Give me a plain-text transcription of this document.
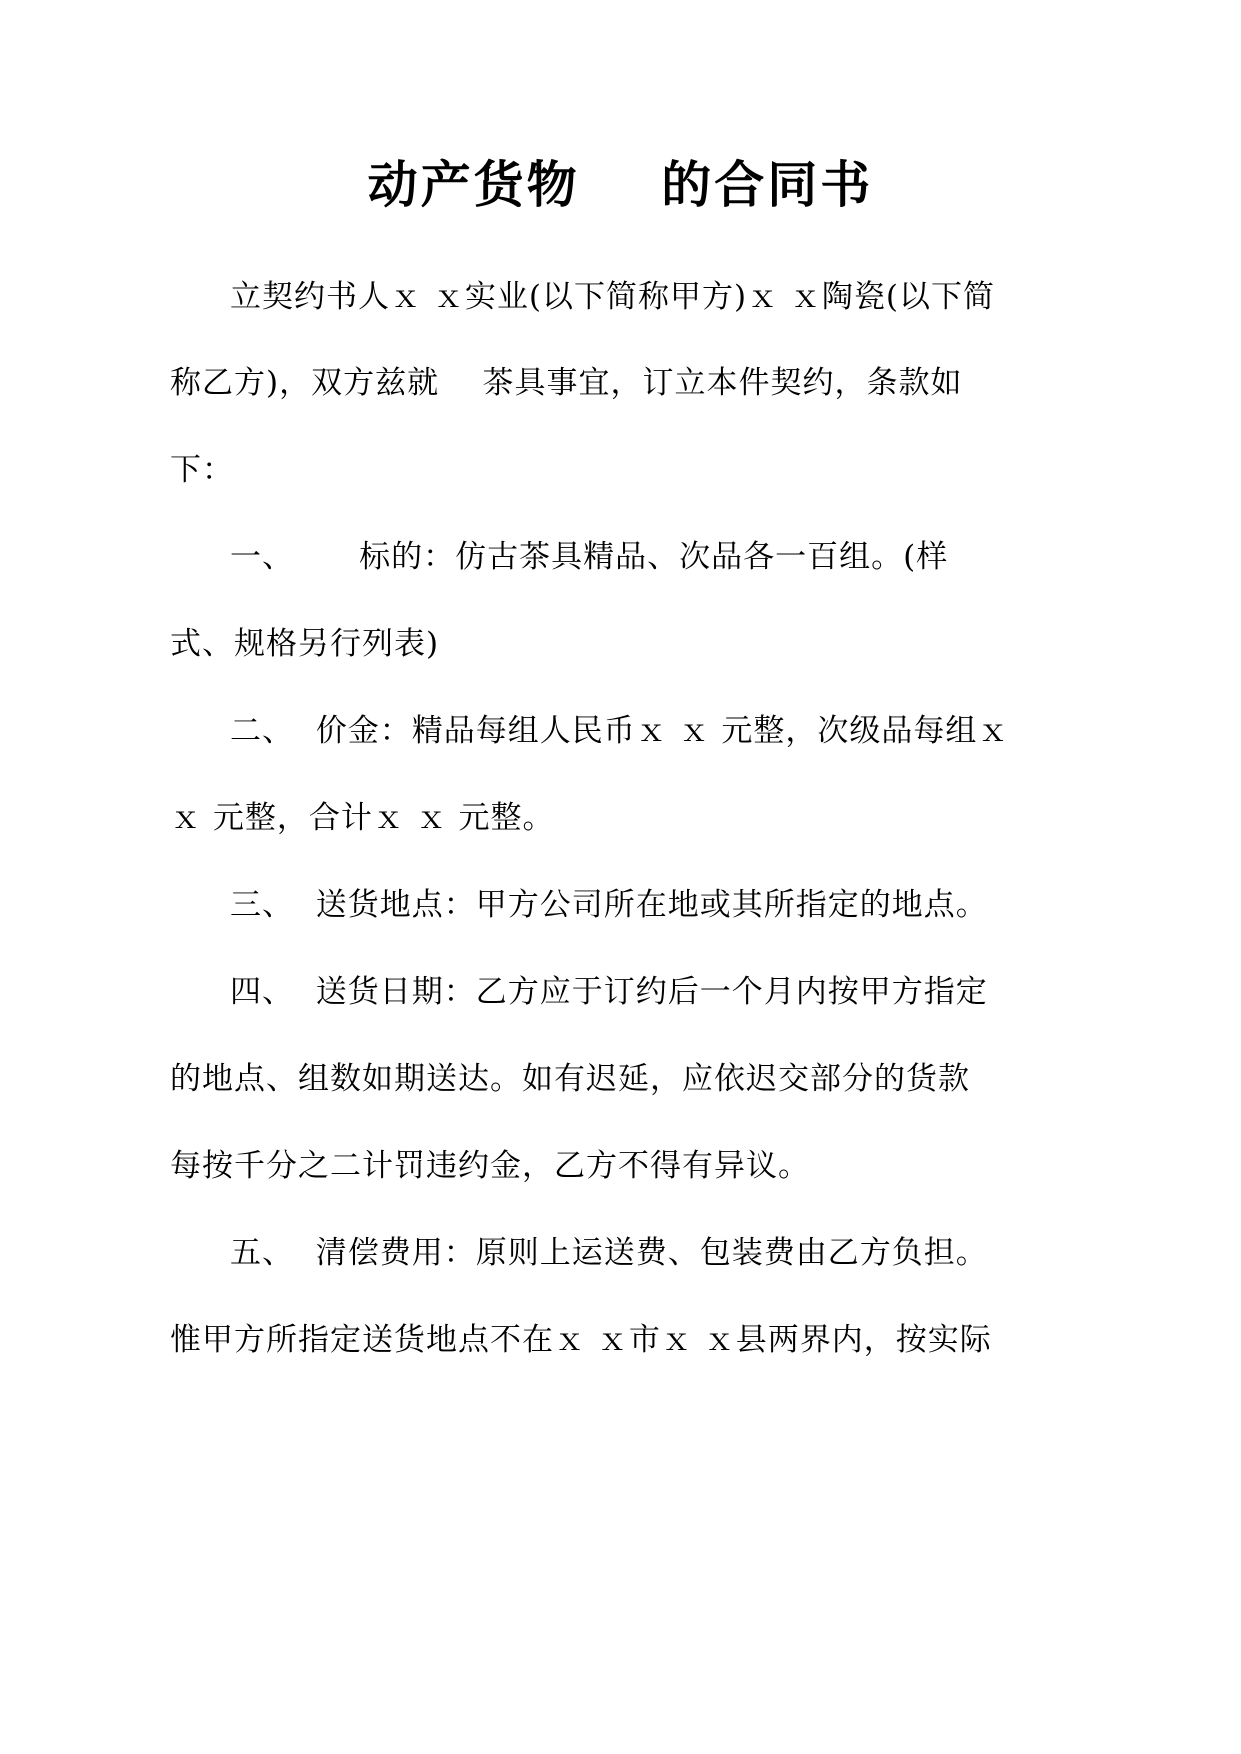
动产货物    的合同书
立契约书人ｘ ｘ实业(以下简称甲方)ｘ ｘ陶瓷(以下简
称乙方)，双方兹就    茶具事宜，订立本件契约，条款如
下：
一、      标的：仿古茶具精品、次品各一百组。(样
式、规格另行列表)
二、  价金：精品每组人民币ｘ ｘ 元整，次级品每组ｘ
ｘ 元整，合计ｘ ｘ 元整。
三、  送货地点：甲方公司所在地或其所指定的地点。
四、  送货日期：乙方应于订约后一个月内按甲方指定
的地点、组数如期送达。如有迟延，应依迟交部分的货款
每按千分之二计罚违约金，乙方不得有异议。
五、  清偿费用：原则上运送费、包装费由乙方负担。
惟甲方所指定送货地点不在ｘ ｘ市ｘ ｘ县两界内，按实际
